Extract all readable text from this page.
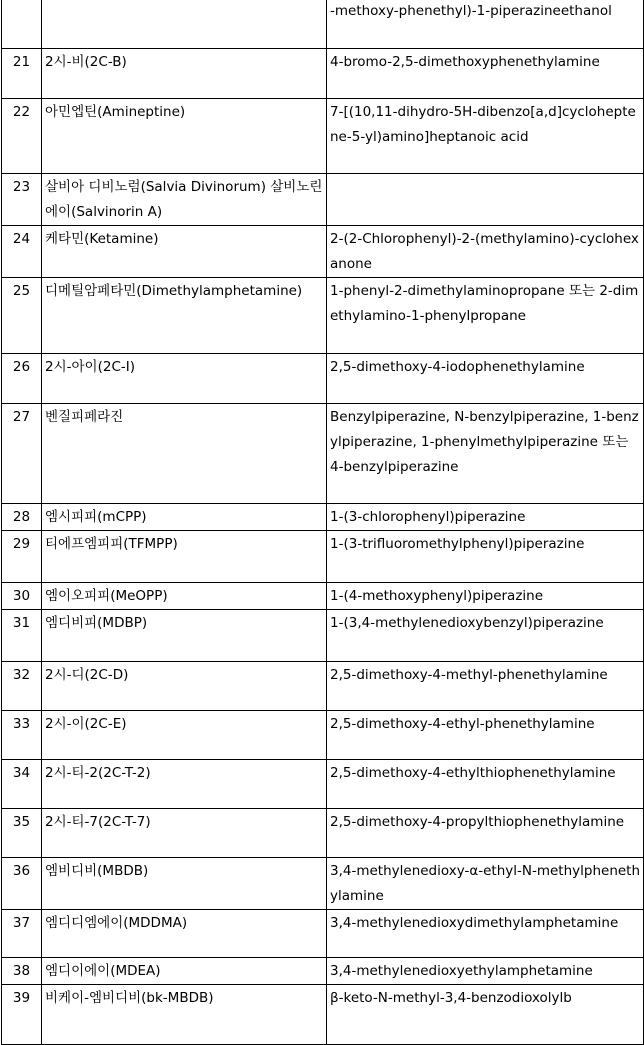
		-methoxy-phenethyl)-1-piperazineethanol
21	2시-비(2C-B)	4-bromo-2,5-dimethoxyphenethylamine
22	아민엡틴(Amineptine)	7-[(10,11-dihydro-5H-dibenzo[a,d]cycloheptene-5-yl)amino]heptanoic acid
23	살비아 디비노럼(Salvia Divinorum) 살비노린 에이(Salvinorin A)	
24	케타민(Ketamine)	2-(2-Chlorophenyl)-2-(methylamino)-cyclohexanone
25	디메틸암페타민(Dimethylamphetamine)	1-phenyl-2-dimethylaminopropane 또는 2-dimethylamino-1-phenylpropane
26	2시-아이(2C-I)	2,5-dimethoxy-4-iodophenethylamine
27	벤질피페라진	Benzylpiperazine, N-benzylpiperazine, 1-benzylpiperazine, 1-phenylmethylpiperazine 또는 4-benzylpiperazine
28	엠시피피(mCPP)	1-(3-chlorophenyl)piperazine
29	티에프엠피피(TFMPP)	1-(3-trifluoromethylphenyl)piperazine
30	엠이오피피(MeOPP)	1-(4-methoxyphenyl)piperazine
31	엠디비피(MDBP)	1-(3,4-methylenedioxybenzyl)piperazine
32	2시-디(2C-D)	2,5-dimethoxy-4-methyl-phenethylamine
33	2시-이(2C-E)	2,5-dimethoxy-4-ethyl-phenethylamine
34	2시-티-2(2C-T-2)	2,5-dimethoxy-4-ethylthiophenethylamine
35	2시-티-7(2C-T-7)	2,5-dimethoxy-4-propylthiophenethylamine
36	엠비디비(MBDB)	3,4-methylenedioxy-α-ethyl-N-methylphenethylamine
37	엠디디엠에이(MDDMA)	3,4-methylenedioxydimethylamphetamine
38	엠디이에이(MDEA)	3,4-methylenedioxyethylamphetamine
39	비케이-엠비디비(bk-MBDB)	β-keto-N-methyl-3,4-benzodioxolylb
